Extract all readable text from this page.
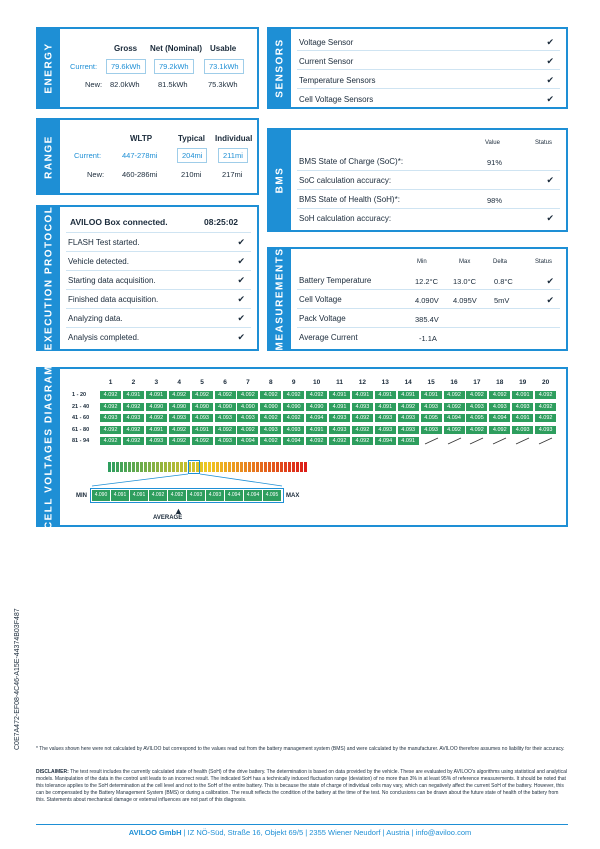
ENERGY	Gross Net (Nominal) Usable
Current:	79.6kWh	79.2kWh	73.1kWh
New: 82.0kWh 81.5kWh	75.3kWh
RANGE	WLTP	Typical Individual
Current:	447-278mi	204mi	211mi
New: 460-286mi	210mi	217mi
EXECUTION PROTOCOL AVILOO Box connected.	08:25:02
FLASH Test started.	✔
Vehicle detected.	✔
Starting data acquisition.	✔
Finished data acquisition.	✔
Analyzing data.	✔
Analysis completed.	✔
SENSORS Voltage Sensor	✔
Current Sensor	✔
Temperature Sensors	✔
Cell Voltage Sensors	✔
BMS
Value	Status
BMS State of Charge (SoC)*:	91%
SoC calculation accuracy:	✔
BMS State of Health (SoH)*:	98%
SoH calculation accuracy:	✔
MEASUREMENTS	Min	Max	Delta	Status
Battery Temperature	12.2°C 13.0°C 0.8°C	✔
Cell Voltage	4.090V 4.095V 5mV	✔
Pack Voltage	385.4V
Average Current	-1.1A
CELL VOLTAGES DIAGRAM	1	2	3	4	5	6	7	8	9	10	11	12	13	14	15	16	17	18	19	20
1 - 20	4.092	4.091	4.091	4.092	4.092	4.092	4.092	4.092	4.092	4.092	4.091	4.091	4.091	4.091	4.091	4.092	4.092	4.092	4.091	4.092
21 - 40	4.092	4.092	4.090	4.090	4.090	4.090	4.090	4.090	4.090	4.090	4.091	4.093	4.091	4.092	4.093	4.092	4.093	4.093	4.093	4.092
41 - 60	4.093	4.093	4.092	4.093	4.093	4.093	4.093	4.092	4.092	4.094	4.093	4.092	4.093	4.093	4.095	4.094	4.095	4.094	4.091	4.092
61 - 80	4.092	4.092	4.091	4.092	4.091	4.092	4.092	4.093	4.093	4.091	4.093	4.092	4.093	4.093	4.093	4.092	4.092	4.092	4.093	4.093
81 - 94	4.092	4.092	4.093	4.092	4.092	4.093	4.094	4.092	4.094	4.092	4.092	4.092	4.094	4.091
MIN	MAX
4.090	4.091	4.091	4.092	4.092	4.093	4.093	4.094	4.094	4.095
▲
AVERAGE
C0E7A472-EF08-4C46-A15E-44374B03F487	* The values shown here were not calculated by AVILOO but correspond to the values read out from the battery management system (BMS) and were calculated by the manufacturer. AVILOO therefore assumes no liability for their accuracy.
DISCLAIMER: The test result includes the currently calculated state of health (SoH) of the drive battery. The determination is based on data provided by the vehicle. These are evaluated by AVILOO's algorithms using statistical and analytical models. Manipulation of the data in the control unit leads to an incorrect result. The indicated SoH has a technically induced fluctuation range (deviation) of no more than 3% in at least 95% of reference measurements. It should be noted that this tolerance applies to the SoH determination at the cell level and not to the SoH of the entire battery. This is because the state of charge of individual cells may vary, which can negatively affect the current SoH of the battery. However, this can be compensated by the Battery Management System (BMS) or during a calibration. The result reflects the condition of the battery at the time of the test. No conclusions can be drawn about the future state of health of the battery from this. Statements about mechanical damage or external influences are not part of this diagnosis.
AVILOO GmbH | IZ NÖ-Süd, Straße 16, Objekt 69/5 | 2355 Wiener Neudorf | Austria | info@aviloo.com
